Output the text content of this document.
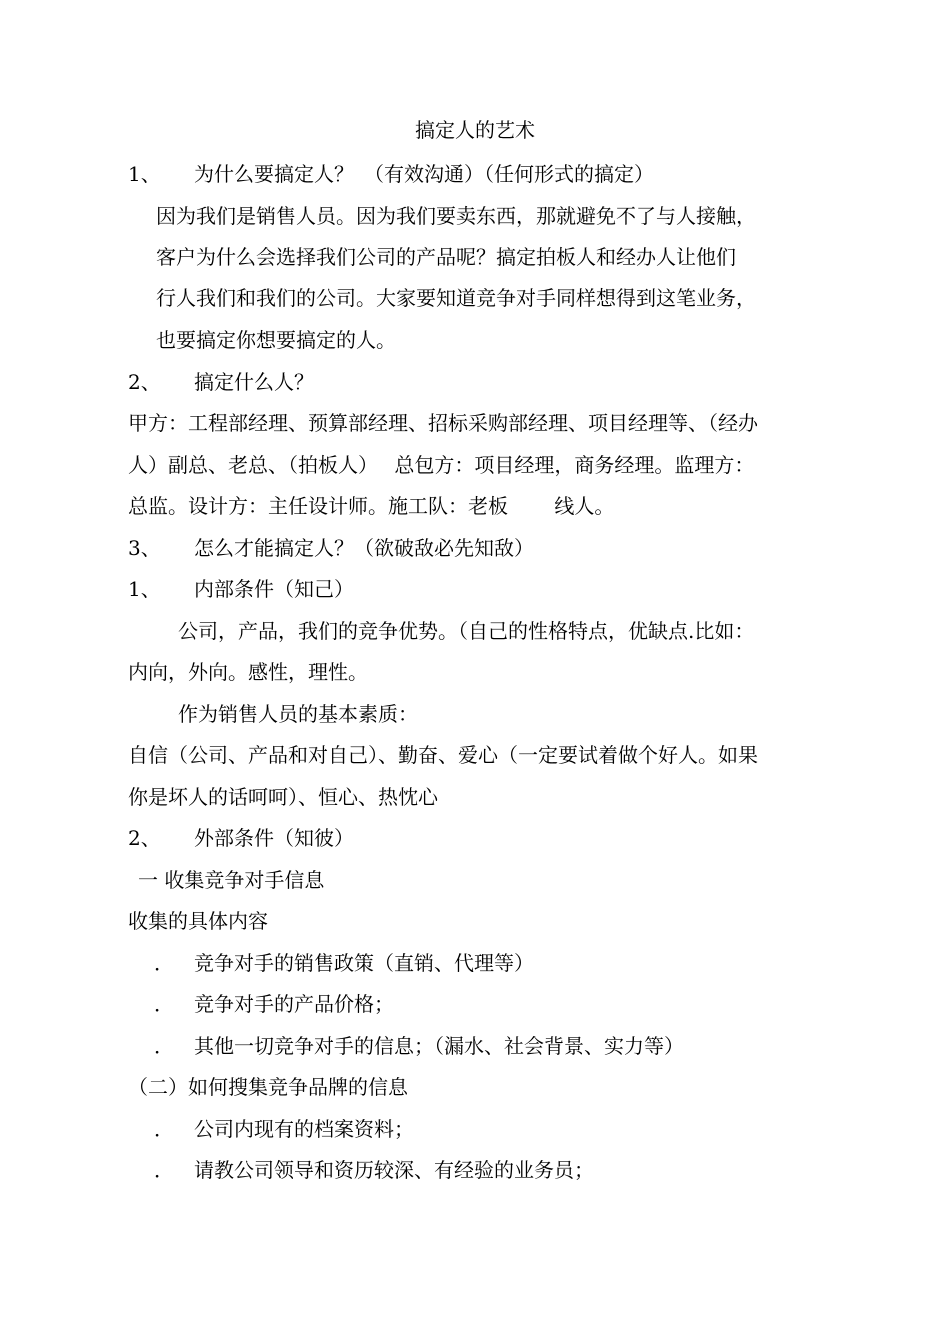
搞定人的艺术
1、 为什么要搞定人？　（有效沟通）（任何形式的搞定）
因为我们是销售人员。因为我们要卖东西，那就避免不了与人接触，
客户为什么会选择我们公司的产品呢？搞定拍板人和经办人让他们
行人我们和我们的公司。大家要知道竞争对手同样想得到这笔业务，
也要搞定你想要搞定的人。
2、 搞定什么人？
甲方：工程部经理、预算部经理、招标采购部经理、项目经理等、（经办
人）副总、老总、（拍板人）　 总包方：项目经理，商务经理。监理方：
总监。设计方：主任设计师。施工队：老板　　 线人。
3、 怎么才能搞定人？（欲破敌必先知敌）
1、 内部条件（知己）
公司，产品，我们的竞争优势。（自己的性格特点，优缺点.比如：
内向，外向。感性，理性。
作为销售人员的基本素质：
自信（公司、产品和对自己）、勤奋、爱心（一定要试着做个好人。如果
你是坏人的话呵呵）、恒心、热忱心
2、 外部条件（知彼）
一 收集竞争对手信息
收集的具体内容
． 竞争对手的销售政策（直销、代理等）
． 竞争对手的产品价格；
． 其他一切竞争对手的信息；（漏水、社会背景、实力等）
（二）如何搜集竞争品牌的信息
． 公司内现有的档案资料；
． 请教公司领导和资历较深、有经验的业务员；
